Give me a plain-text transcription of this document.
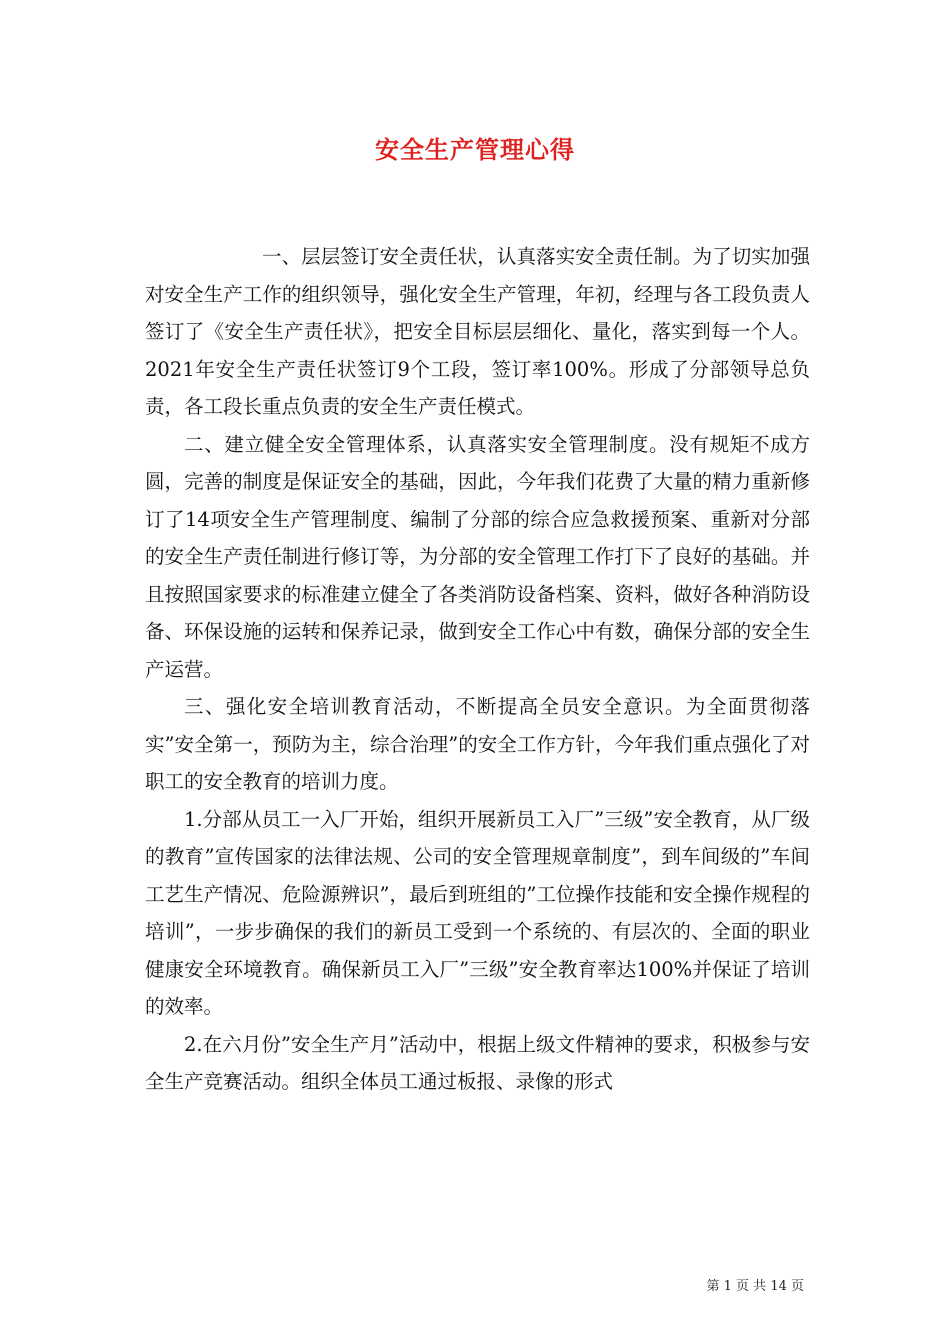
安全生产管理心得

一、层层签订安全责任状，认真落实安全责任制。为了切实加强对安全生产工作的组织领导，强化安全生产管理，年初，经理与各工段负责人签订了《安全生产责任状》，把安全目标层层细化、量化，落实到每一个人。2021年安全生产责任状签订9个工段，签订率100%。形成了分部领导总负责，各工段长重点负责的安全生产责任模式。

二、建立健全安全管理体系，认真落实安全管理制度。没有规矩不成方圆，完善的制度是保证安全的基础，因此，今年我们花费了大量的精力重新修订了14项安全生产管理制度、编制了分部的综合应急救援预案、重新对分部的安全生产责任制进行修订等，为分部的安全管理工作打下了良好的基础。并且按照国家要求的标准建立健全了各类消防设备档案、资料，做好各种消防设备、环保设施的运转和保养记录，做到安全工作心中有数，确保分部的安全生产运营。

三、强化安全培训教育活动，不断提高全员安全意识。为全面贯彻落实”安全第一，预防为主，综合治理”的安全工作方针，今年我们重点强化了对职工的安全教育的培训力度。

1.分部从员工一入厂开始，组织开展新员工入厂”三级”安全教育，从厂级的教育”宣传国家的法律法规、公司的安全管理规章制度”，到车间级的”车间工艺生产情况、危险源辨识”，最后到班组的”工位操作技能和安全操作规程的培训”，一步步确保的我们的新员工受到一个系统的、有层次的、全面的职业健康安全环境教育。确保新员工入厂”三级”安全教育率达100%并保证了培训的效率。

2.在六月份”安全生产月”活动中，根据上级文件精神的要求，积极参与安全生产竞赛活动。组织全体员工通过板报、录像的形式

第 1 页 共 14 页
